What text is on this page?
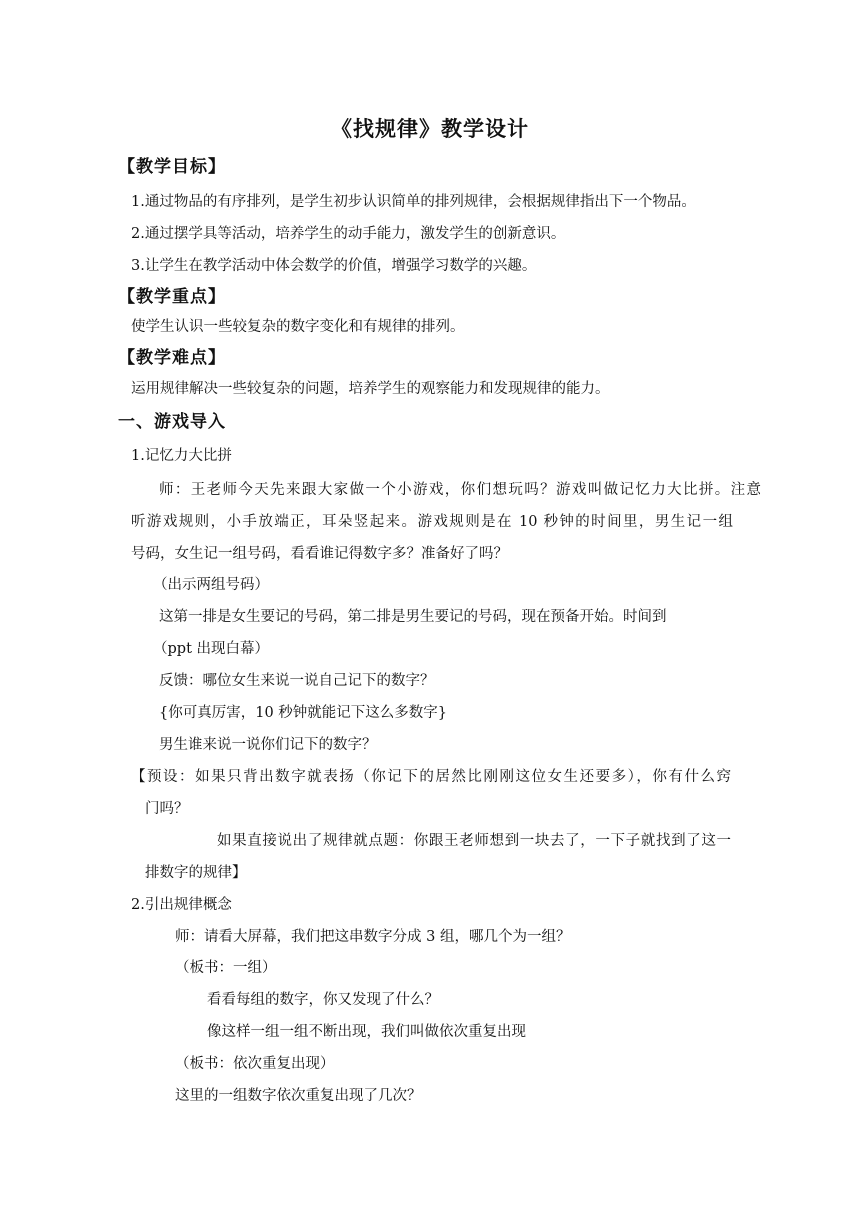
《找规律》教学设计
【教学目标】
1.通过物品的有序排列，是学生初步认识简单的排列规律，会根据规律指出下一个物品。
2.通过摆学具等活动，培养学生的动手能力，激发学生的创新意识。
3.让学生在教学活动中体会数学的价值，增强学习数学的兴趣。
【教学重点】
使学生认识一些较复杂的数字变化和有规律的排列。
【教学难点】
运用规律解决一些较复杂的问题，培养学生的观察能力和发现规律的能力。
一、游戏导入
1.记忆力大比拼
师：王老师今天先来跟大家做一个小游戏，你们想玩吗？游戏叫做记忆力大比拼。注意
听游戏规则，小手放端正，耳朵竖起来。游戏规则是在 10 秒钟的时间里，男生记一组
号码，女生记一组号码，看看谁记得数字多？准备好了吗？
（出示两组号码）
这第一排是女生要记的号码，第二排是男生要记的号码，现在预备开始。时间到
（ppt 出现白幕）
反馈：哪位女生来说一说自己记下的数字？
{你可真厉害，10 秒钟就能记下这么多数字}
男生谁来说一说你们记下的数字？
【预设：如果只背出数字就表扬（你记下的居然比刚刚这位女生还要多），你有什么窍
门吗？
如果直接说出了规律就点题：你跟王老师想到一块去了，一下子就找到了这一
排数字的规律】
2.引出规律概念
师：请看大屏幕，我们把这串数字分成 3 组，哪几个为一组？
（板书：一组）
看看每组的数字，你又发现了什么？
像这样一组一组不断出现，我们叫做依次重复出现
（板书：依次重复出现）
这里的一组数字依次重复出现了几次？
